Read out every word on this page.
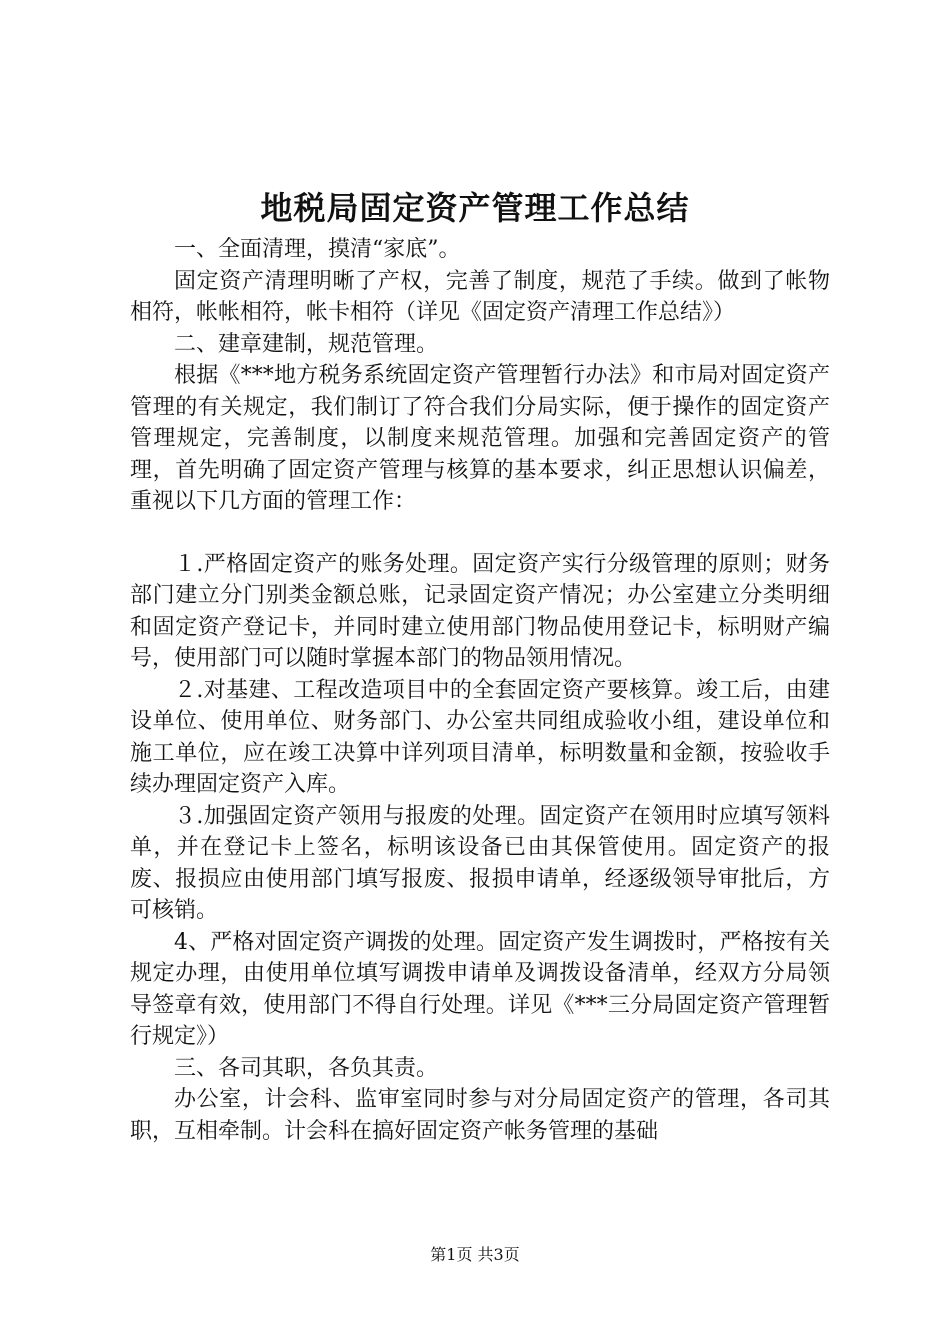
地税局固定资产管理工作总结

一、全面清理，摸清“家底”。

固定资产清理明晰了产权，完善了制度，规范了手续。做到了帐物相符，帐帐相符，帐卡相符（详见《固定资产清理工作总结》）

二、建章建制，规范管理。

根据《***地方税务系统固定资产管理暂行办法》和市局对固定资产管理的有关规定，我们制订了符合我们分局实际，便于操作的固定资产管理规定，完善制度，以制度来规范管理。加强和完善固定资产的管理，首先明确了固定资产管理与核算的基本要求，纠正思想认识偏差，重视以下几方面的管理工作：

１.严格固定资产的账务处理。固定资产实行分级管理的原则；财务部门建立分门别类金额总账，记录固定资产情况；办公室建立分类明细和固定资产登记卡，并同时建立使用部门物品使用登记卡，标明财产编号，使用部门可以随时掌握本部门的物品领用情况。

２.对基建、工程改造项目中的全套固定资产要核算。竣工后，由建设单位、使用单位、财务部门、办公室共同组成验收小组，建设单位和施工单位，应在竣工决算中详列项目清单，标明数量和金额，按验收手续办理固定资产入库。

３.加强固定资产领用与报废的处理。固定资产在领用时应填写领料单，并在登记卡上签名，标明该设备已由其保管使用。固定资产的报废、报损应由使用部门填写报废、报损申请单，经逐级领导审批后，方可核销。

4、严格对固定资产调拨的处理。固定资产发生调拨时，严格按有关规定办理，由使用单位填写调拨申请单及调拨设备清单，经双方分局领导签章有效，使用部门不得自行处理。详见《***三分局固定资产管理暂行规定》）

三、各司其职，各负其责。

办公室，计会科、监审室同时参与对分局固定资产的管理，各司其职，互相牵制。计会科在搞好固定资产帐务管理的基础

第1页 共3页
